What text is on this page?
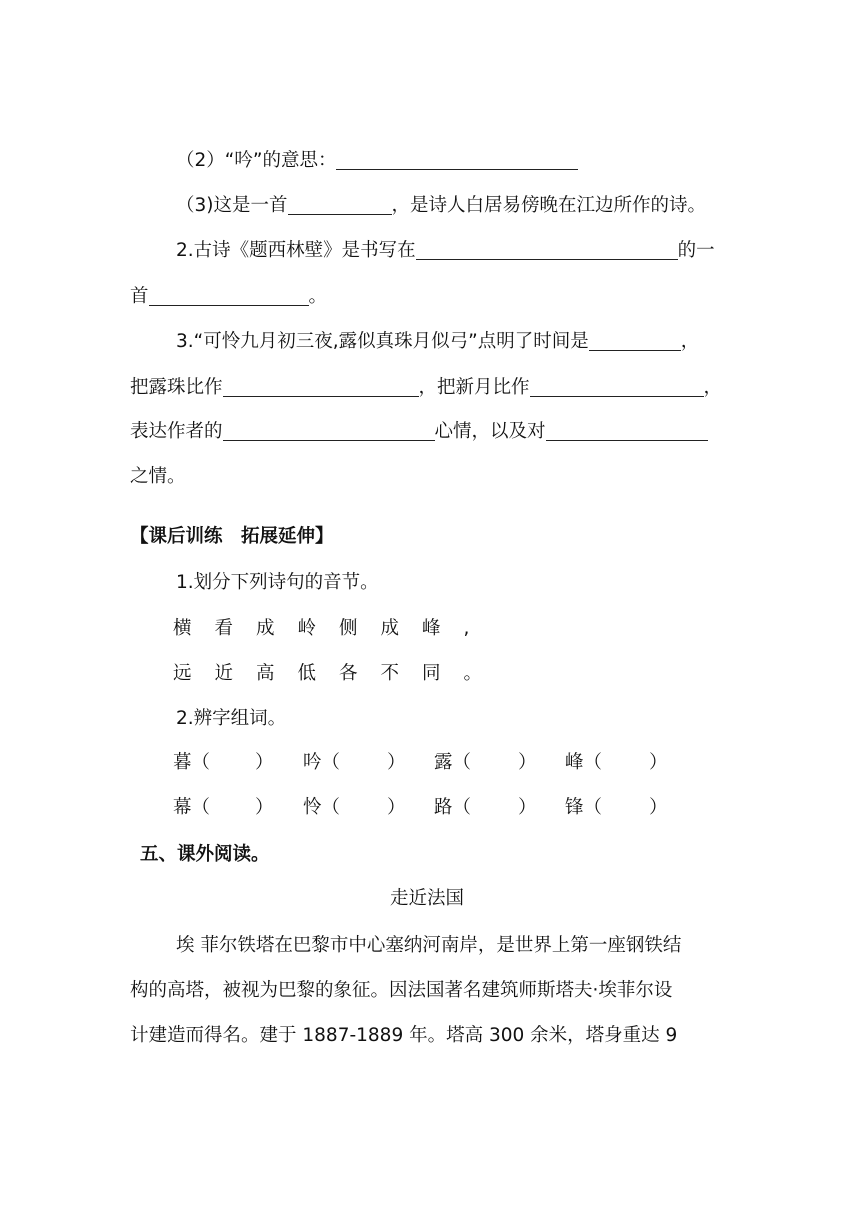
（2）“吟”的意思：
（3)这是一首	，是诗人白居易傍晚在江边所作的诗。
2.古诗《题西林壁》是书写在	的一
首	。
3.“可怜九月初三夜,露似真珠月似弓”点明了时间是	，
把露珠比作	，把新月比作	，
表达作者的	心情，以及对
之情。
【课后训练　拓展延伸】
1.划分下列诗句的音节。
横看成岭侧成峰,
远近高低各不同。
2.辨字组词。
暮（ ） 吟（	） 露（	） 峰（	）
幕（ ） 怜（	） 路（	） 锋（	）
五、课外阅读。
走近法国
埃 菲尔铁塔在巴黎市中心塞纳河南岸，是世界上第一座钢铁结
构的高塔，被视为巴黎的象征。因法国著名建筑师斯塔夫·埃菲尔设
计建造而得名。建于 1887-1889 年。塔高 300 余米，塔身重达 9
